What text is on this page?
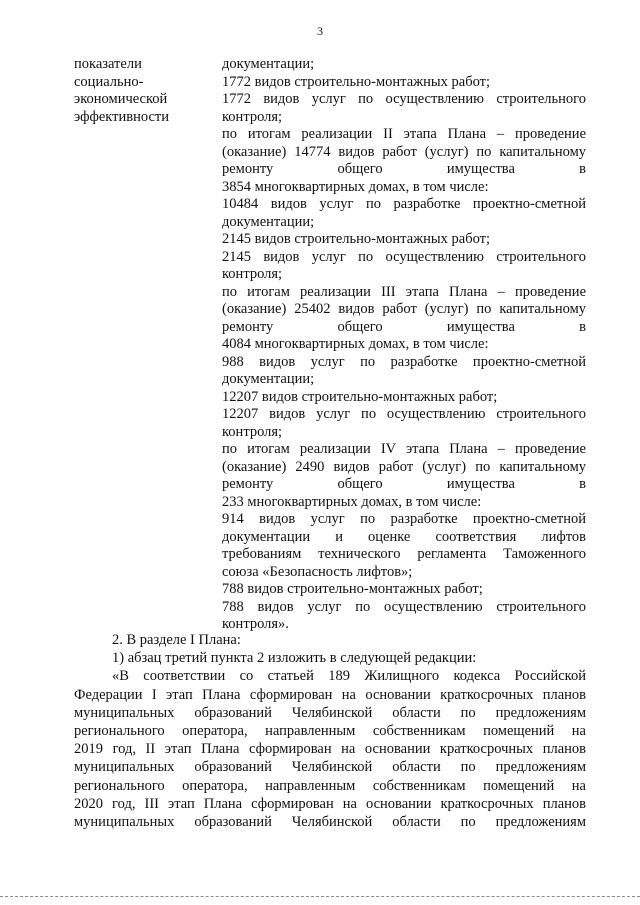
3
показатели
социально-
экономической
эффективности
документации;
1772 видов строительно-монтажных работ;
1772 видов услуг по осуществлению строительного
контроля;
по итогам реализации II этапа Плана – проведение
(оказание) 14774 видов работ (услуг) по капитальному
ремонту общего имущества в
3854 многоквартирных домах, в том числе:
10484 видов услуг по разработке проектно-сметной
документации;
2145 видов строительно-монтажных работ;
2145 видов услуг по осуществлению строительного
контроля;
по итогам реализации III этапа Плана – проведение
(оказание) 25402 видов работ (услуг) по капитальному
ремонту общего имущества в
4084 многоквартирных домах, в том числе:
988 видов услуг по разработке проектно-сметной
документации;
12207 видов строительно-монтажных работ;
12207 видов услуг по осуществлению строительного
контроля;
по итогам реализации IV этапа Плана – проведение
(оказание) 2490 видов работ (услуг) по капитальному
ремонту общего имущества в
233 многоквартирных домах, в том числе:
914 видов услуг по разработке проектно-сметной
документации и оценке соответствия лифтов
требованиям технического регламента Таможенного
союза «Безопасность лифтов»;
788 видов строительно-монтажных работ;
788 видов услуг по осуществлению строительного
контроля».
2. В разделе I Плана:
1) абзац третий пункта 2 изложить в следующей редакции:
«В соответствии со статьей 189 Жилищного кодекса Российской
Федерации I этап Плана сформирован на основании краткосрочных планов
муниципальных образований Челябинской области по предложениям
регионального оператора, направленным собственникам помещений на
2019 год, II этап Плана сформирован на основании краткосрочных планов
муниципальных образований Челябинской области по предложениям
регионального оператора, направленным собственникам помещений на
2020 год, III этап Плана сформирован на основании краткосрочных планов
муниципальных образований Челябинской области по предложениям
